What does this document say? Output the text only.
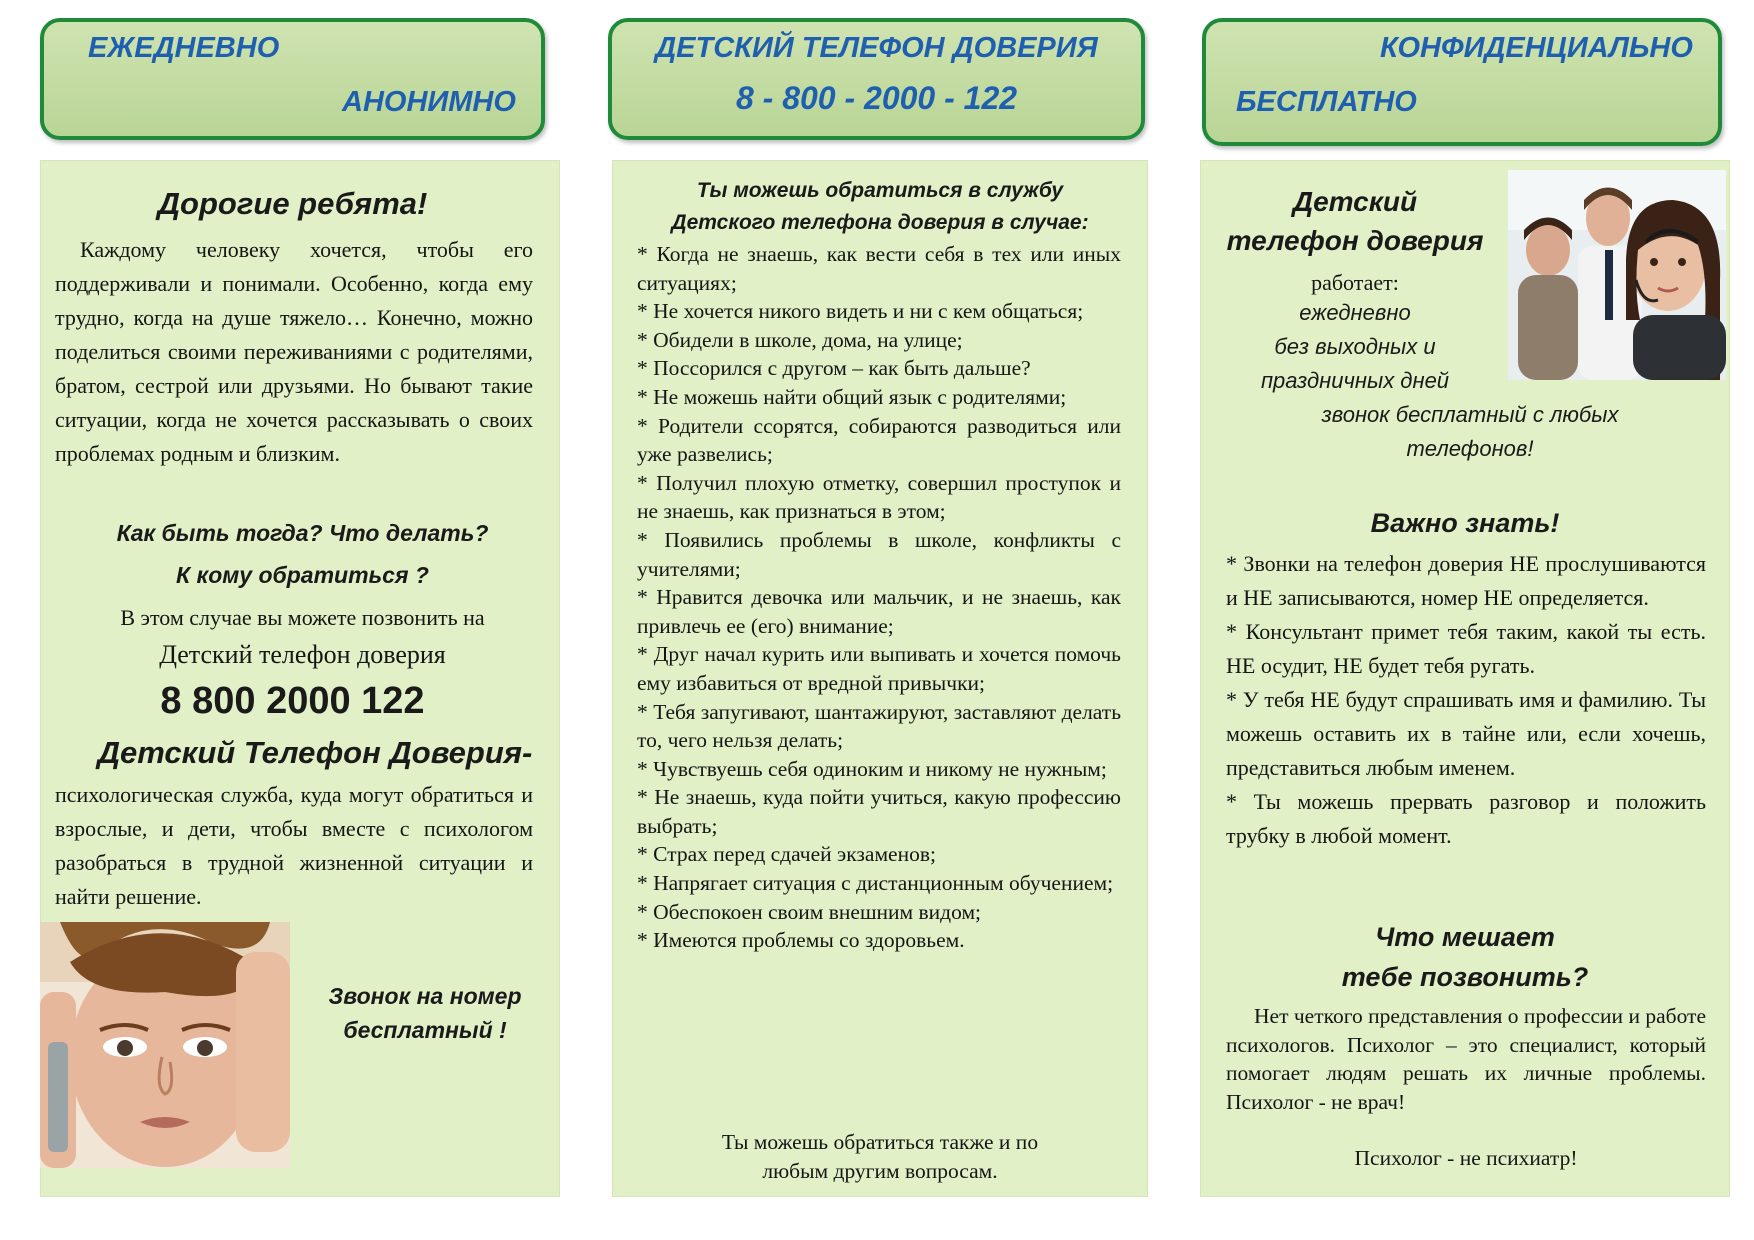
ЕЖЕДНЕВНО
АНОНИМНО
ДЕТСКИЙ ТЕЛЕФОН ДОВЕРИЯ
8 - 800 - 2000 - 122
КОНФИДЕНЦИАЛЬНО
БЕСПЛАТНО
Дорогие ребята!
Каждому человеку хочется, чтобы его поддерживали и понимали. Особенно, когда ему трудно, когда на душе тяжело… Конечно, можно поделиться своими переживаниями с родителями, братом, сестрой или друзьями. Но бывают такие ситуации, когда не хочется рассказывать о своих проблемах родным и близким.
Как быть тогда? Что делать?
К кому обратиться ?
В этом случае вы можете позвонить на
Детский телефон доверия
8 800 2000 122
Детский Телефон Доверия-
психологическая служба, куда могут обратиться и взрослые, и дети, чтобы вместе с психологом разобраться в трудной жизненной ситуации и найти решение.
Звонок на номер
бесплатный !
Ты можешь обратиться в службу
Детского телефона доверия в случае:
* Когда не знаешь, как вести себя в тех или иных ситуациях;
* Не хочется никого видеть и ни с кем общаться;
* Обидели в школе, дома, на улице;
* Поссорился с другом – как быть дальше?
* Не можешь найти общий язык с родителями;
* Родители ссорятся, собираются разводиться или уже развелись;
* Получил плохую отметку, совершил проступок и не знаешь, как признаться в этом;
* Появились проблемы в школе, конфликты с учителями;
* Нравится девочка или мальчик, и не знаешь, как привлечь ее (его) внимание;
* Друг начал курить или выпивать и хочется помочь ему избавиться от вредной привычки;
* Тебя запугивают, шантажируют, заставляют делать то, чего нельзя делать;
* Чувствуешь себя одиноким и никому не нужным;
* Не знаешь, куда пойти учиться, какую профессию выбрать;
* Страх перед сдачей экзаменов;
* Напрягает ситуация с дистанционным обучением;
* Обеспокоен своим внешним видом;
* Имеются проблемы со здоровьем.
Ты можешь обратиться также и по любым другим вопросам.
Детский
телефон доверия
работает:
ежедневно
без выходных и
праздничных дней
звонок бесплатный с любых
телефонов!
Важно знать!
* Звонки на телефон доверия НЕ прослушиваются и НЕ записываются, номер НЕ определяется.
* Консультант примет тебя таким, какой ты есть. НЕ осудит, НЕ будет тебя ругать.
* У тебя НЕ будут спрашивать имя и фамилию. Ты можешь оставить их в тайне или, если хочешь, представиться любым именем.
* Ты можешь прервать разговор и положить трубку в любой момент.
Что мешает
тебе позвонить?
Нет четкого представления о профессии и работе психологов. Психолог – это специалист, который помогает людям решать их личные проблемы. Психолог - не врач!
Психолог - не психиатр!
